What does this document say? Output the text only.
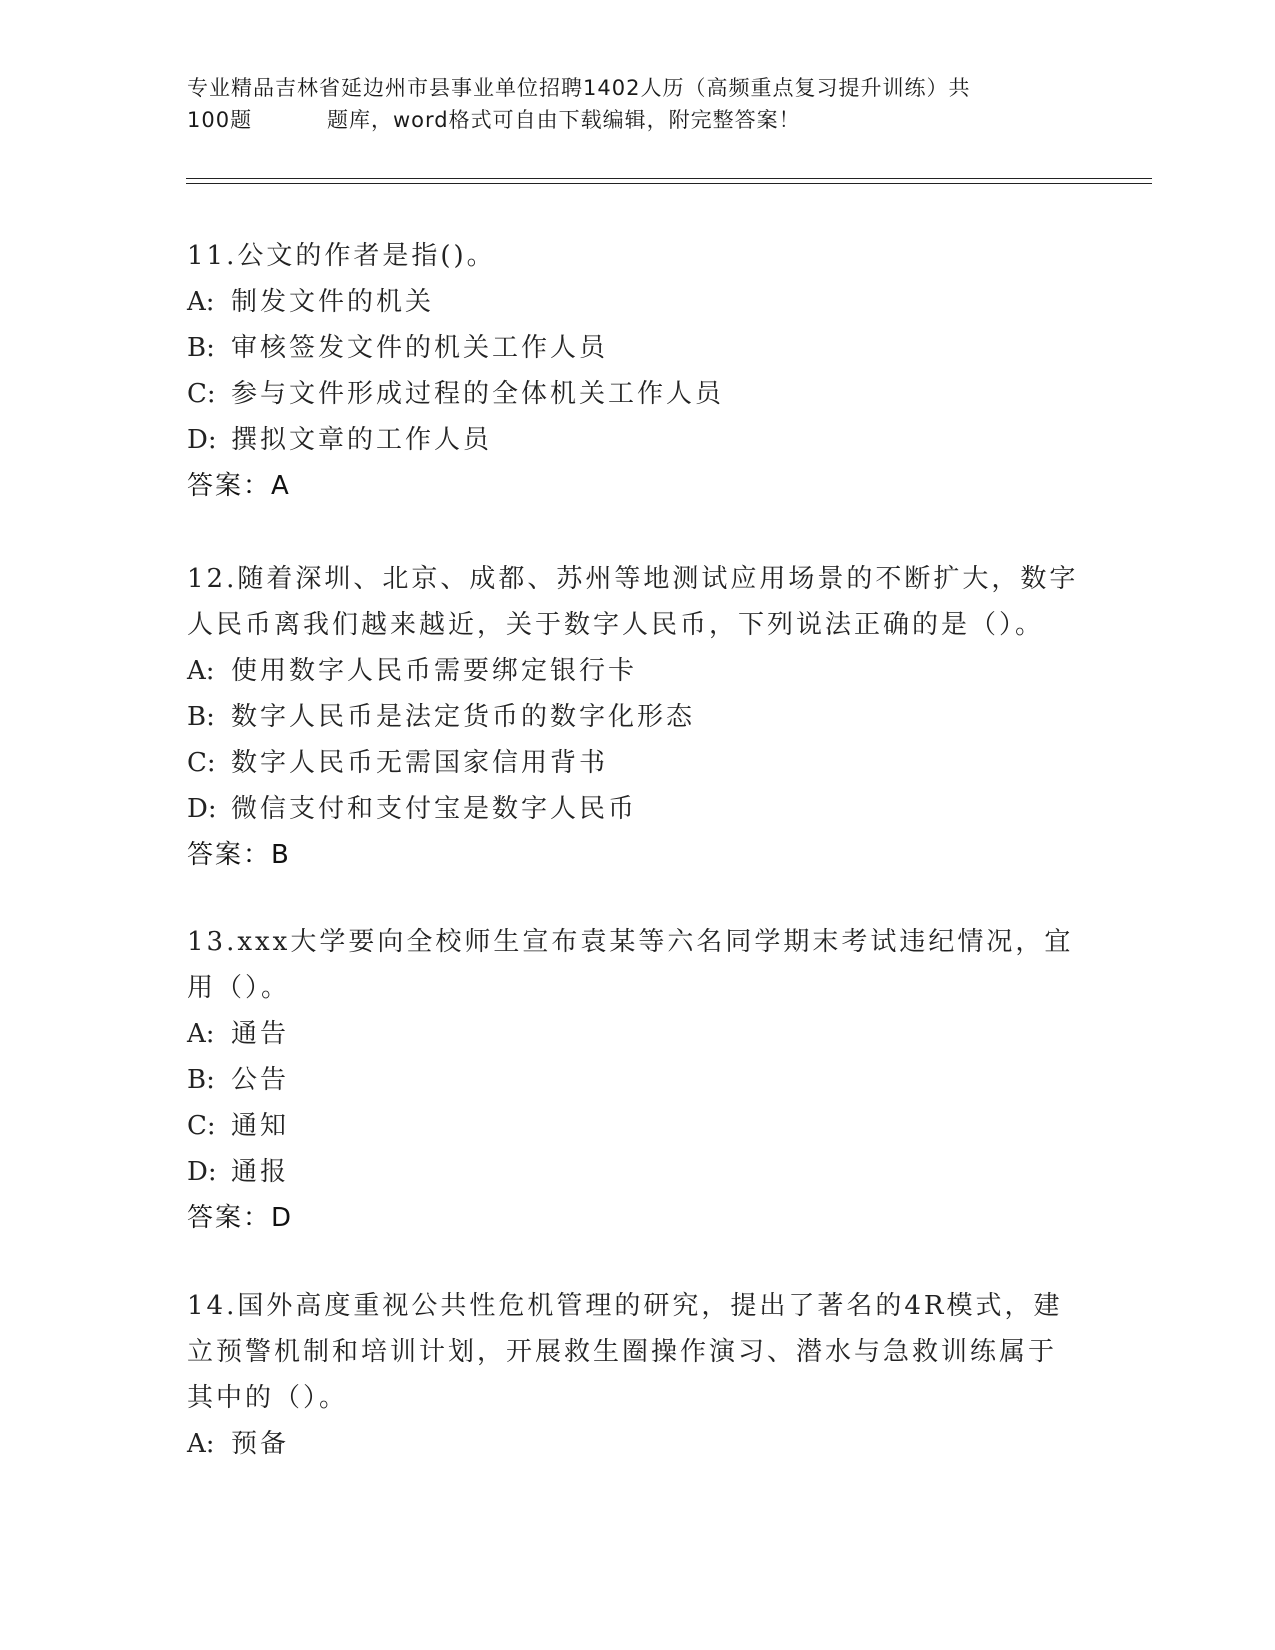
专业精品吉林省延边州市县事业单位招聘1402人历（高频重点复习提升训练）共
100题	题库，word格式可自由下载编辑，附完整答案！
11.公文的作者是指()。
A: 制发文件的机关
B: 审核签发文件的机关工作人员
C: 参与文件形成过程的全体机关工作人员
D: 撰拟文章的工作人员
答案：A
12.随着深圳、北京、成都、苏州等地测试应用场景的不断扩大，数字
人民币离我们越来越近，关于数字人民币，下列说法正确的是（）。
A: 使用数字人民币需要绑定银行卡
B: 数字人民币是法定货币的数字化形态
C: 数字人民币无需国家信用背书
D: 微信支付和支付宝是数字人民币
答案：B
13.xxx大学要向全校师生宣布袁某等六名同学期末考试违纪情况，宜
用（）。
A: 通告
B: 公告
C: 通知
D: 通报
答案：D
14.国外高度重视公共性危机管理的研究，提出了著名的4R模式，建
立预警机制和培训计划，开展救生圈操作演习、潜水与急救训练属于
其中的（）。
A: 预备
